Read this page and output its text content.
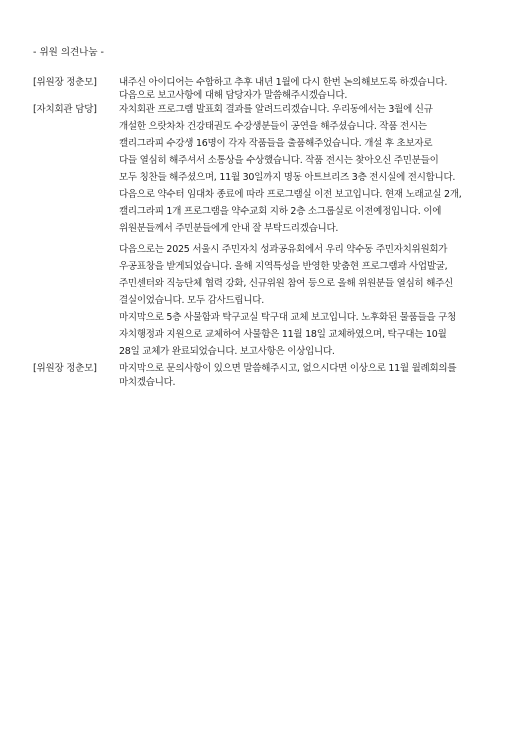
- 위원 의견나눔 -
[위원장 정춘모]	내주신 아이디어는 수합하고 추후 내년 1월에 다시 한번 논의해보도록 하겠습니다.
다음으로 보고사항에 대해 담당자가 말씀해주시겠습니다.
[자치회관 담당]	자치회관 프로그램 발표회 결과를 알려드리겠습니다. 우리동에서는 3월에 신규
개설한 으랏차차 건강태권도 수강생분들이 공연을 해주셨습니다. 작품 전시는
캘리그라피 수강생 16명이 각자 작품들을 출품해주었습니다. 개설 후 초보자로
다들 열심히 해주셔서 소통상을 수상했습니다. 작품 전시는 찾아오신 주민분들이
모두 칭찬들 해주셨으며, 11월 30일까지 명동 아트브리즈 3층 전시실에 전시합니다.
다음으로 약수터 임대차 종료에 따라 프로그램실 이전 보고입니다. 현재 노래교실 2개,
캘리그라피 1개 프로그램을 약수교회 지하 2층 소그룹실로 이전예정입니다. 이에
위원분들께서 주민분들에게 안내 잘 부탁드리겠습니다.
다음으로는 2025 서울시 주민자치 성과공유회에서 우리 약수동 주민자치위원회가
우공표창을 받게되었습니다. 올해 지역특성을 반영한 맞춤현 프로그램과 사업발굴,
주민센터와 직능단체 협력 강화, 신규위원 참여 등으로 올해 위원분들 열심히 해주신
결실이었습니다. 모두 감사드립니다.
마지막으로 5층 사물함과 탁구교실 탁구대 교체 보고입니다. 노후화된 물품들을 구청
자치행정과 지원으로 교체하여 사물함은 11월 18일 교체하였으며, 탁구대는 10월
28일 교체가 완료되었습니다. 보고사항은 이상입니다.
[위원장 정춘모]	마지막으로 문의사항이 있으면 말씀해주시고, 없으시다면 이상으로 11월 월례회의를
마치겠습니다.
